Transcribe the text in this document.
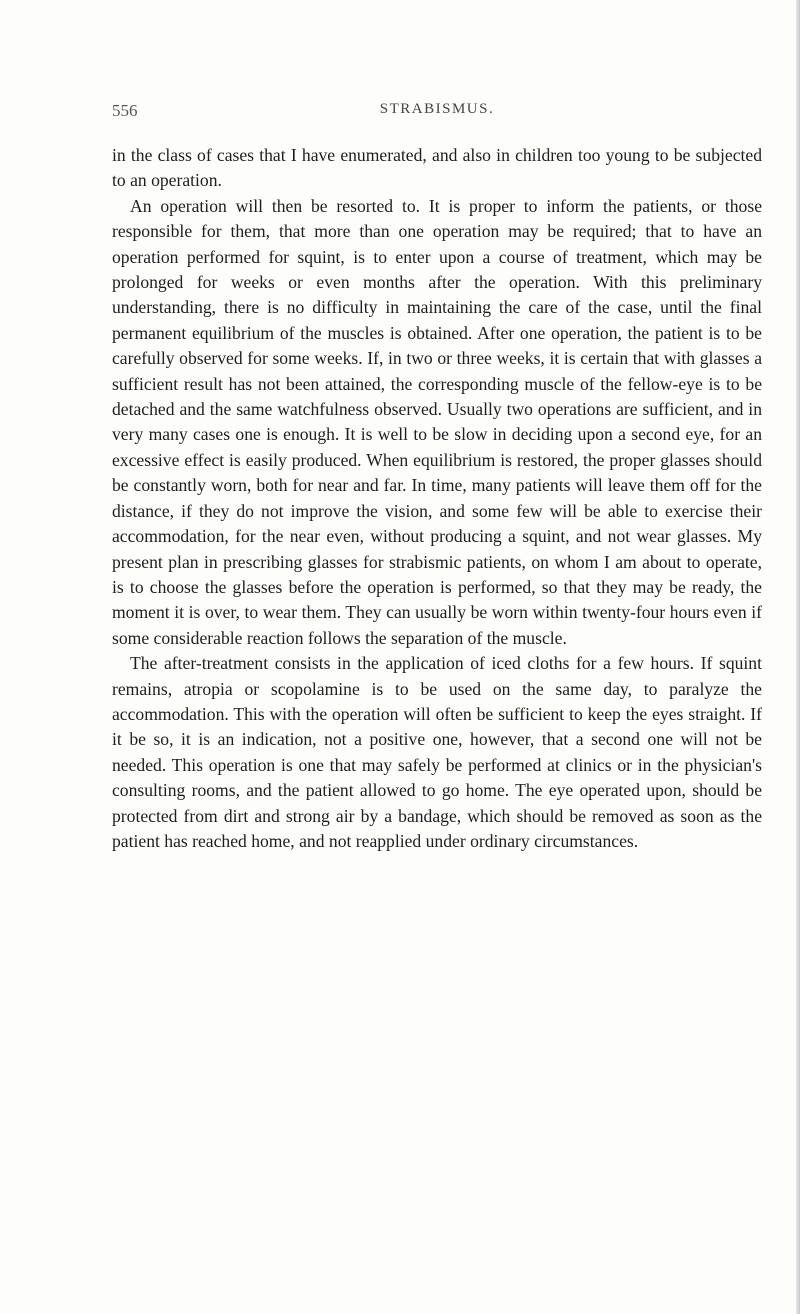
556	STRABISMUS.

in the class of cases that I have enumerated, and also in children too young to be subjected to an operation.

An operation will then be resorted to. It is proper to inform the patients, or those responsible for them, that more than one operation may be required; that to have an operation performed for squint, is to enter upon a course of treatment, which may be prolonged for weeks or even months after the operation. With this preliminary understanding, there is no difficulty in maintaining the care of the case, until the final permanent equilibrium of the muscles is obtained. After one operation, the patient is to be carefully observed for some weeks. If, in two or three weeks, it is certain that with glasses a sufficient result has not been attained, the corresponding muscle of the fellow-eye is to be detached and the same watchfulness observed. Usually two operations are sufficient, and in very many cases one is enough. It is well to be slow in deciding upon a second eye, for an excessive effect is easily produced. When equilibrium is restored, the proper glasses should be constantly worn, both for near and far. In time, many patients will leave them off for the distance, if they do not improve the vision, and some few will be able to exercise their accommodation, for the near even, without producing a squint, and not wear glasses. My present plan in prescribing glasses for strabismic patients, on whom I am about to operate, is to choose the glasses before the operation is performed, so that they may be ready, the moment it is over, to wear them. They can usually be worn within twenty-four hours even if some considerable reaction follows the separation of the muscle.

The after-treatment consists in the application of iced cloths for a few hours. If squint remains, atropia or scopolamine is to be used on the same day, to paralyze the accommodation. This with the operation will often be sufficient to keep the eyes straight. If it be so, it is an indication, not a positive one, however, that a second one will not be needed. This operation is one that may safely be performed at clinics or in the physician's consulting rooms, and the patient allowed to go home. The eye operated upon, should be protected from dirt and strong air by a bandage, which should be removed as soon as the patient has reached home, and not reapplied under ordinary circumstances.
